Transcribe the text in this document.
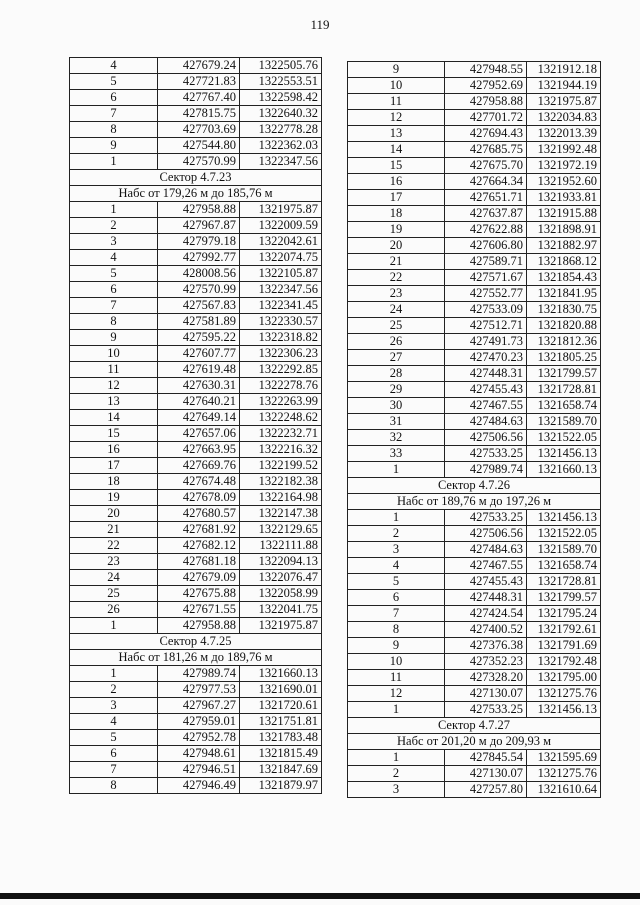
119
4	427679.24	1322505.76
5	427721.83	1322553.51
6	427767.40	1322598.42
7	427815.75	1322640.32
8	427703.69	1322778.28
9	427544.80	1322362.03
1	427570.99	1322347.56
Сектор 4.7.23		
Набс от 179,26 м до 185,76 м		
1	427958.88	1321975.87
2	427967.87	1322009.59
3	427979.18	1322042.61
4	427992.77	1322074.75
5	428008.56	1322105.87
6	427570.99	1322347.56
7	427567.83	1322341.45
8	427581.89	1322330.57
9	427595.22	1322318.82
10	427607.77	1322306.23
11	427619.48	1322292.85
12	427630.31	1322278.76
13	427640.21	1322263.99
14	427649.14	1322248.62
15	427657.06	1322232.71
16	427663.95	1322216.32
17	427669.76	1322199.52
18	427674.48	1322182.38
19	427678.09	1322164.98
20	427680.57	1322147.38
21	427681.92	1322129.65
22	427682.12	1322111.88
23	427681.18	1322094.13
24	427679.09	1322076.47
25	427675.88	1322058.99
26	427671.55	1322041.75
1	427958.88	1321975.87
Сектор 4.7.25		
Набс от 181,26 м до 189,76 м		
1	427989.74	1321660.13
2	427977.53	1321690.01
3	427967.27	1321720.61
4	427959.01	1321751.81
5	427952.78	1321783.48
6	427948.61	1321815.49
7	427946.51	1321847.69
8	427946.49	1321879.97
9	427948.55	1321912.18
10	427952.69	1321944.19
11	427958.88	1321975.87
12	427701.72	1322034.83
13	427694.43	1322013.39
14	427685.75	1321992.48
15	427675.70	1321972.19
16	427664.34	1321952.60
17	427651.71	1321933.81
18	427637.87	1321915.88
19	427622.88	1321898.91
20	427606.80	1321882.97
21	427589.71	1321868.12
22	427571.67	1321854.43
23	427552.77	1321841.95
24	427533.09	1321830.75
25	427512.71	1321820.88
26	427491.73	1321812.36
27	427470.23	1321805.25
28	427448.31	1321799.57
29	427455.43	1321728.81
30	427467.55	1321658.74
31	427484.63	1321589.70
32	427506.56	1321522.05
33	427533.25	1321456.13
1	427989.74	1321660.13
Сектор 4.7.26		
Набс от 189,76 м до 197,26 м		
1	427533.25	1321456.13
2	427506.56	1321522.05
3	427484.63	1321589.70
4	427467.55	1321658.74
5	427455.43	1321728.81
6	427448.31	1321799.57
7	427424.54	1321795.24
8	427400.52	1321792.61
9	427376.38	1321791.69
10	427352.23	1321792.48
11	427328.20	1321795.00
12	427130.07	1321275.76
1	427533.25	1321456.13
Сектор 4.7.27		
Набс от 201,20 м до 209,93 м		
1	427845.54	1321595.69
2	427130.07	1321275.76
3	427257.80	1321610.64
